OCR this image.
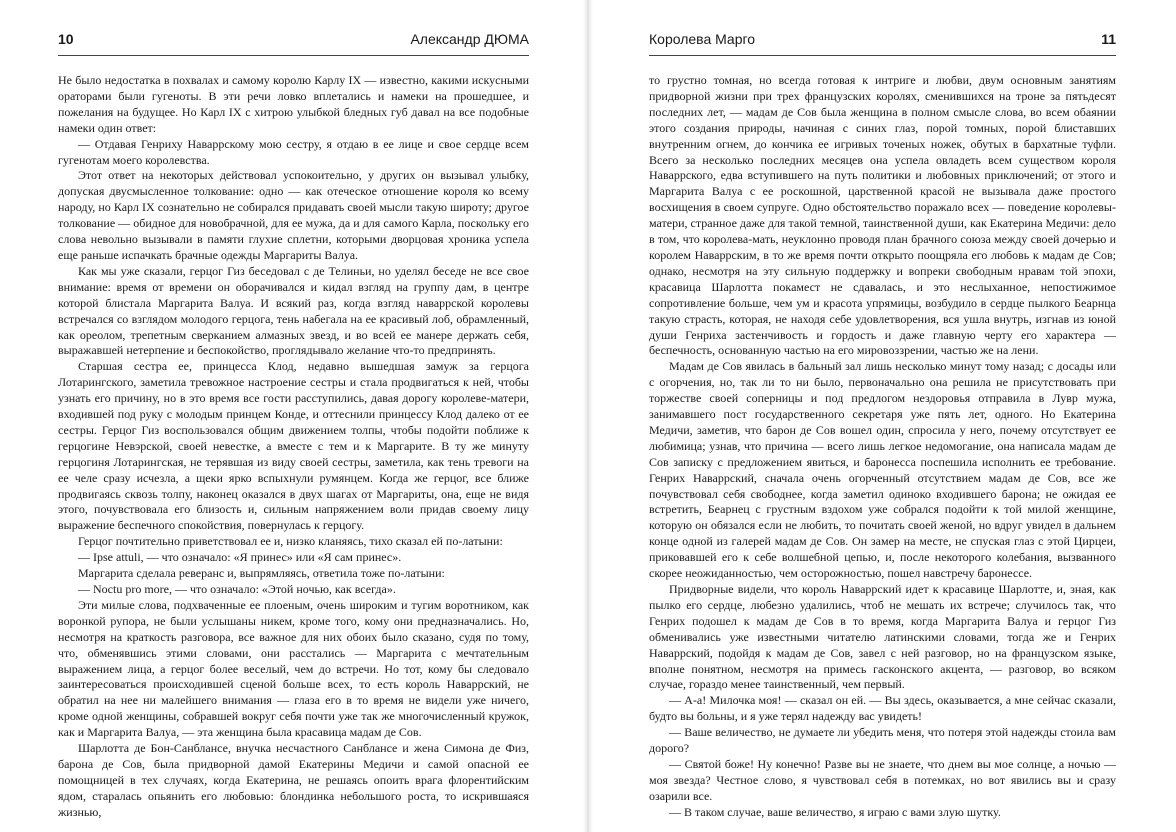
10	Александр ДЮМА

Не было недостатка в похвалах и самому королю Карлу IX — известно, какими искусными ораторами были гугеноты. В эти речи ловко вплетались и намеки на прошедшее, и пожелания на будущее. Но Карл IX с хитрою улыбкой бледных губ давал на все подобные намеки один ответ:

— Отдавая Генриху Наваррскому мою сестру, я отдаю в ее лице и свое сердце всем гугенотам моего королевства.

Этот ответ на некоторых действовал успокоительно, у других он вызывал улыбку, допуская двусмысленное толкование: одно — как отеческое отношение короля ко всему народу, но Карл IX сознательно не собирался придавать своей мысли такую широту; другое толкование — обидное для новобрачной, для ее мужа, да и для самого Карла, поскольку его слова невольно вызывали в памяти глухие сплетни, которыми дворцовая хроника успела еще раньше испачкать брачные одежды Маргариты Валуа.

Как мы уже сказали, герцог Гиз беседовал с де Телиньи, но уделял беседе не все свое внимание: время от времени он оборачивался и кидал взгляд на группу дам, в центре которой блистала Маргарита Валуа. И всякий раз, когда взгляд наваррской королевы встречался со взглядом молодого герцога, тень набегала на ее красивый лоб, обрамленный, как ореолом, трепетным сверканием алмазных звезд, и во всей ее манере держать себя, выражавшей нетерпение и беспокойство, проглядывало желание что-то предпринять.

Старшая сестра ее, принцесса Клод, недавно вышедшая замуж за герцога Лотарингского, заметила тревожное настроение сестры и стала продвигаться к ней, чтобы узнать его причину, но в это время все гости расступились, давая дорогу королеве-матери, входившей под руку с молодым принцем Конде, и оттеснили принцессу Клод далеко от ее сестры. Герцог Гиз воспользовался общим движением толпы, чтобы подойти поближе к герцогине Невэрской, своей невестке, а вместе с тем и к Маргарите. В ту же минуту герцогиня Лотарингская, не терявшая из виду своей сестры, заметила, как тень тревоги на ее челе сразу исчезла, а щеки ярко вспыхнули румянцем. Когда же герцог, все ближе продвигаясь сквозь толпу, наконец оказался в двух шагах от Маргариты, она, еще не видя этого, почувствовала его близость и, сильным напряжением воли придав своему лицу выражение беспечного спокойствия, повернулась к герцогу.

Герцог почтительно приветствовал ее и, низко кланяясь, тихо сказал ей по-латыни:

— Ipse attuli, — что означало: «Я принес» или «Я сам принес».

Маргарита сделала реверанс и, выпрямляясь, ответила тоже по-латыни:

— Noctu pro more, — что означало: «Этой ночью, как всегда».

Эти милые слова, подхваченные ее плоеным, очень широким и тугим воротником, как воронкой рупора, не были услышаны никем, кроме того, кому они предназначались. Но, несмотря на краткость разговора, все важное для них обоих было сказано, судя по тому, что, обменявшись этими словами, они расстались — Маргарита с мечтательным выражением лица, а герцог более веселый, чем до встречи. Но тот, кому бы следовало заинтересоваться происходившей сценой больше всех, то есть король Наваррский, не обратил на нее ни малейшего внимания — глаза его в то время не видели уже ничего, кроме одной женщины, собравшей вокруг себя почти уже так же многочисленный кружок, как и Маргарита Валуа, — эта женщина была красавица мадам де Сов.

Шарлотта де Бон-Санблансе, внучка несчастного Санблансе и жена Симона де Физ, барона де Сов, была придворной дамой Екатерины Медичи и самой опасной ее помощницей в тех случаях, когда Екатерина, не решаясь опоить врага флорентийским ядом, старалась опьянить его любовью: блондинка небольшого роста, то искрившаяся жизнью,

Королева Марго	11

то грустно томная, но всегда готовая к интриге и любви, двум основным занятиям придворной жизни при трех французских королях, сменившихся на троне за пятьдесят последних лет, — мадам де Сов была женщина в полном смысле слова, во всем обаянии этого создания природы, начиная с синих глаз, порой томных, порой блиставших внутренним огнем, до кончика ее игривых точеных ножек, обутых в бархатные туфли. Всего за несколько последних месяцев она успела овладеть всем существом короля Наваррского, едва вступившего на путь политики и любовных приключений; от этого и Маргарита Валуа с ее роскошной, царственной красой не вызывала даже простого восхищения в своем супруге. Одно обстоятельство поражало всех — поведение королевы-матери, странное даже для такой темной, таинственной души, как Екатерина Медичи: дело в том, что королева-мать, неуклонно проводя план брачного союза между своей дочерью и королем Наваррским, в то же время почти открыто поощряла его любовь к мадам де Сов; однако, несмотря на эту сильную поддержку и вопреки свободным нравам той эпохи, красавица Шарлотта покамест не сдавалась, и это неслыханное, непостижимое сопротивление больше, чем ум и красота упрямицы, возбудило в сердце пылкого Беарнца такую страсть, которая, не находя себе удовлетворения, вся ушла внутрь, изгнав из юной души Генриха застенчивость и гордость и даже главную черту его характера — беспечность, основанную частью на его мировоззрении, частью же на лени.

Мадам де Сов явилась в бальный зал лишь несколько минут тому назад; с досады или с огорчения, но, так ли то ни было, первоначально она решила не присутствовать при торжестве своей соперницы и под предлогом нездоровья отправила в Лувр мужа, занимавшего пост государственного секретаря уже пять лет, одного. Но Екатерина Медичи, заметив, что барон де Сов вошел один, спросила у него, почему отсутствует ее любимица; узнав, что причина — всего лишь легкое недомогание, она написала мадам де Сов записку с предложением явиться, и баронесса поспешила исполнить ее требование. Генрих Наваррский, сначала очень огорченный отсутствием мадам де Сов, все же почувствовал себя свободнее, когда заметил одиноко входившего барона; не ожидая ее встретить, Беарнец с грустным вздохом уже собрался подойти к той милой женщине, которую он обязался если не любить, то почитать своей женой, но вдруг увидел в дальнем конце одной из галерей мадам де Сов. Он замер на месте, не спуская глаз с этой Цирцеи, приковавшей его к себе волшебной цепью, и, после некоторого колебания, вызванного скорее неожиданностью, чем осторожностью, пошел навстречу баронессе.

Придворные видели, что король Наваррский идет к красавице Шарлотте, и, зная, как пылко его сердце, любезно удалились, чтоб не мешать их встрече; случилось так, что Генрих подошел к мадам де Сов в то время, когда Маргарита Валуа и герцог Гиз обменивались уже известными читателю латинскими словами, тогда же и Генрих Наваррский, подойдя к мадам де Сов, завел с ней разговор, но на французском языке, вполне понятном, несмотря на примесь гасконского акцента, — разговор, во всяком случае, гораздо менее таинственный, чем первый.

— А-а! Милочка моя! — сказал он ей. — Вы здесь, оказывается, а мне сейчас сказали, будто вы больны, и я уже терял надежду вас увидеть!

— Ваше величество, не думаете ли убедить меня, что потеря этой надежды стоила вам дорого?

— Святой боже! Ну конечно! Разве вы не знаете, что днем вы мое солнце, а ночью — моя звезда? Честное слово, я чувствовал себя в потемках, но вот явились вы и сразу озарили все.

— В таком случае, ваше величество, я играю с вами злую шутку.
